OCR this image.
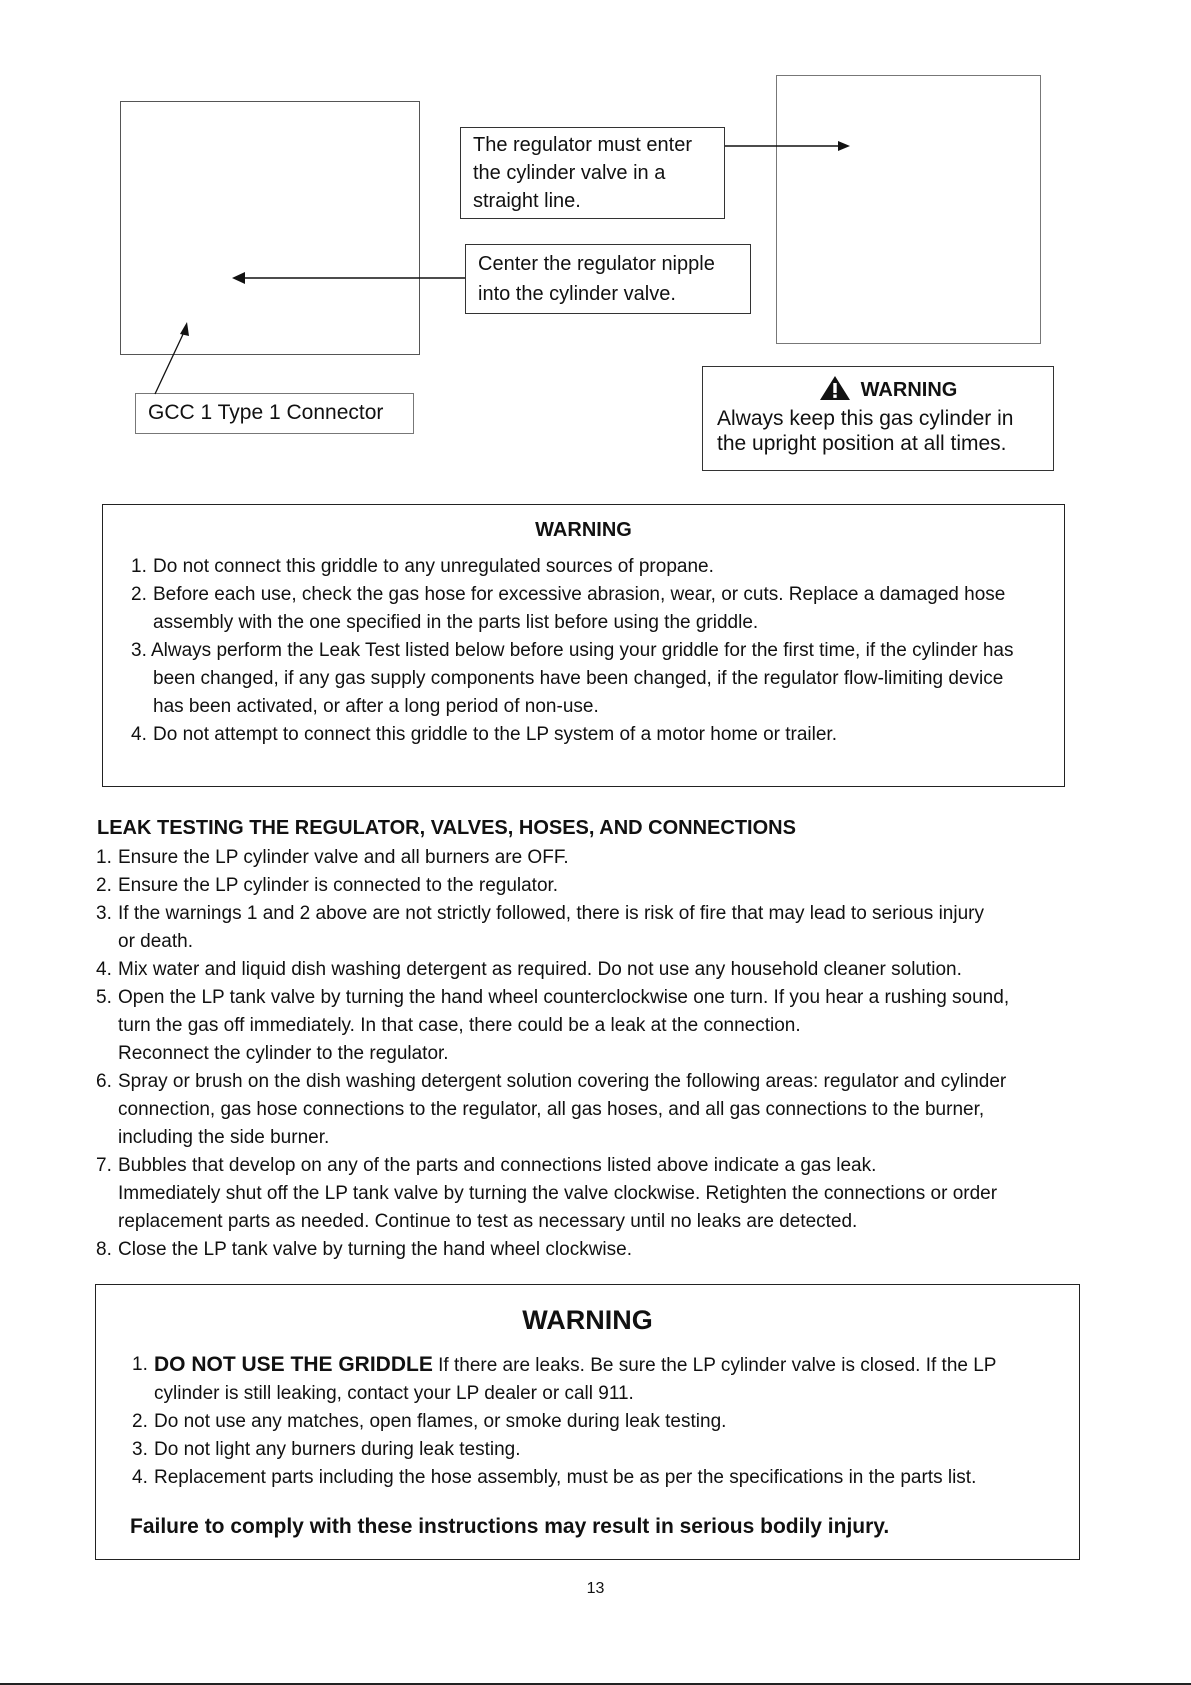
The regulator must enter
the cylinder valve in a
straight line.
Center the regulator nipple
into the cylinder valve.
GCC 1 Type 1 Connector
WARNING
Always keep this gas cylinder in
the upright position at all times.
WARNING
1. Do not connect this griddle to any unregulated sources of propane.
2. Before each use, check the gas hose for excessive abrasion, wear, or cuts. Replace a damaged hose
assembly with the one specified in the parts list before using the griddle.
3. Always perform the Leak Test listed below before using your griddle for the first time, if the cylinder has
been changed, if any gas supply components have been changed, if the regulator flow-limiting device
has been activated, or after a long period of non-use.
4. Do not attempt to connect this griddle to the LP system of a motor home or trailer.
LEAK TESTING THE REGULATOR, VALVES, HOSES, AND CONNECTIONS
1. Ensure the LP cylinder valve and all burners are OFF.
2. Ensure the LP cylinder is connected to the regulator.
3. If the warnings 1 and 2 above are not strictly followed, there is risk of fire that may lead to serious injury
or death.
4. Mix water and liquid dish washing detergent as required. Do not use any household cleaner solution.
5. Open the LP tank valve by turning the hand wheel counterclockwise one turn. If you hear a rushing sound,
turn the gas off immediately. In that case, there could be a leak at the connection.
Reconnect the cylinder to the regulator.
6. Spray or brush on the dish washing detergent solution covering the following areas: regulator and cylinder
connection, gas hose connections to the regulator, all gas hoses, and all gas connections to the burner,
including the side burner.
7. Bubbles that develop on any of the parts and connections listed above indicate a gas leak.
Immediately shut off the LP tank valve by turning the valve clockwise. Retighten the connections or order
replacement parts as needed. Continue to test as necessary until no leaks are detected.
8. Close the LP tank valve by turning the hand wheel clockwise.
WARNING
1. DO NOT USE THE GRIDDLE If there are leaks. Be sure the LP cylinder valve is closed. If the LP
cylinder is still leaking, contact your LP dealer or call 911.
2. Do not use any matches, open flames, or smoke during leak testing.
3. Do not light any burners during leak testing.
4. Replacement parts including the hose assembly, must be as per the specifications in the parts list.
Failure to comply with these instructions may result in serious bodily injury.
13
